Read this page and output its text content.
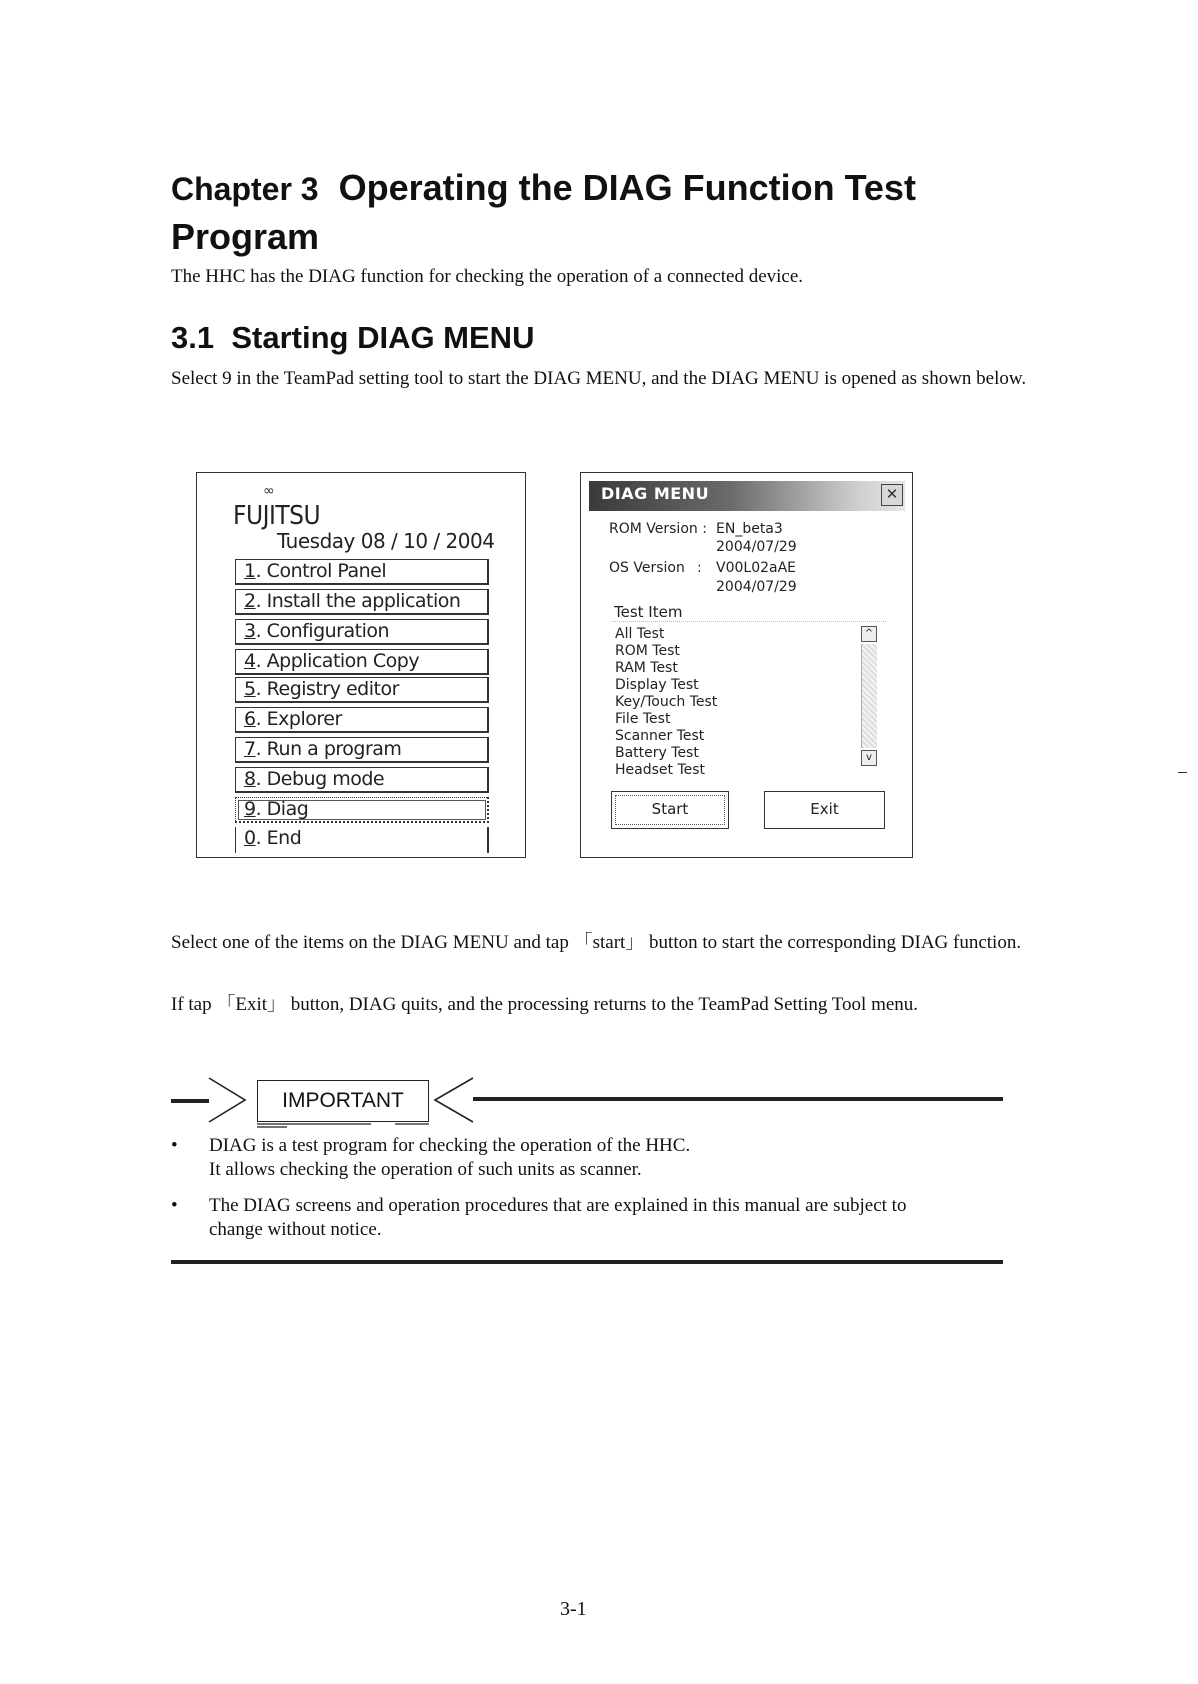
Chapter 3 Operating the DIAG Function Test Program
The HHC has the DIAG function for checking the operation of a connected device.
3.1 Starting DIAG MENU
Select 9 in the TeamPad setting tool to start the DIAG MENU, and the DIAG MENU is opened as shown below.
∞
FUJITSU
Tuesday 08 / 10 / 2004
1. Control Panel
2. Install the application
3. Configuration
4. Application Copy
5. Registry editor
6. Explorer
7. Run a program
8. Debug mode
9. Diag
0. End
DIAG MENU	✕
ROM Version : EN_beta3
2004/07/29
OS Version : V00L02aAE
2004/07/29
Test Item
All Test
ROM Test
RAM Test
Display Test
Key/Touch Test
File Test
Scanner Test
Battery Test
Headset Test
^
v
Start	Exit
Select one of the items on the DIAG MENU and tap 「start」 button to start the corresponding DIAG function.
If tap 「Exit」 button, DIAG quits, and the processing returns to the TeamPad Setting Tool menu.
IMPORTANT
• DIAG is a test program for checking the operation of the HHC.
It allows checking the operation of such units as scanner.
• The DIAG screens and operation procedures that are explained in this manual are subject to
change without notice.
3-1
